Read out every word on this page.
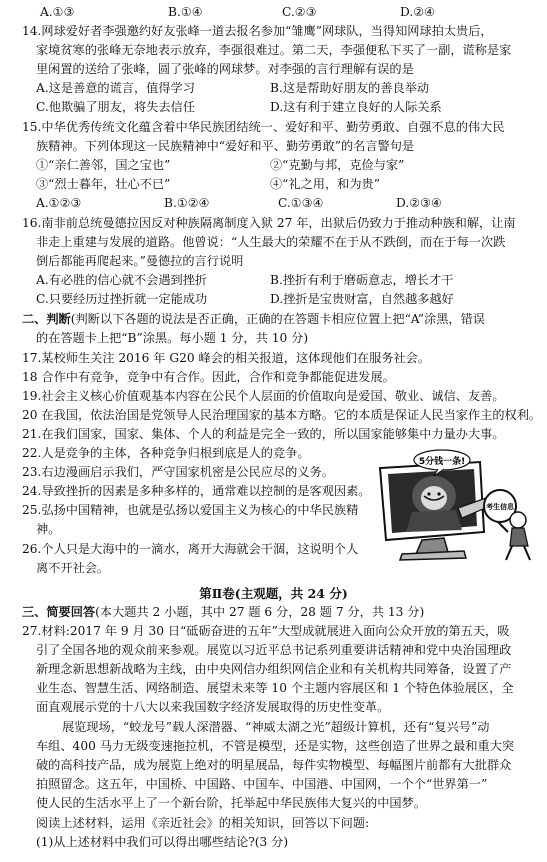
A.①③	B.①④	C.②③	D.②④
14.网球爱好者李强邀约好友张峰一道去报名参加“雏鹰”网球队，当得知网球拍太贵后，
家境贫寒的张峰无奈地表示放弃，李强很难过。第二天，李强便私下买了一副，谎称是家
里闲置的送给了张峰，圆了张峰的网球梦。对李强的言行理解有误的是
A.这是善意的谎言，值得学习	B.这是帮助好朋友的善良举动
C.他欺骗了朋友，将失去信任	D.这有利于建立良好的人际关系
15.中华优秀传统文化蕴含着中华民族团结统一、爱好和平、勤劳勇敢、自强不息的伟大民
族精神。下列体现这一民族精神中“爱好和平、勤劳勇敢”的名言警句是
①“亲仁善邻，国之宝也”	②“克勤与邦，克俭与家”
③“烈士暮年，壮心不已”	④“礼之用，和为贵”
A.①②③	B.①②④	C.①③④	D.②③④
16.南非前总统曼德拉因反对种族隔离制度入狱 27 年，出狱后仍致力于推动种族和解，让南
非走上重建与发展的道路。他曾说：“人生最大的荣耀不在于从不跌倒，而在于每一次跌
倒后都能再爬起来。”曼德拉的言行说明
A.有必胜的信心就不会遇到挫折	B.挫折有利于磨砺意志，增长才干
C.只要经历过挫折就一定能成功	D.挫折是宝贵财富，自然越多越好
二、判断(判断以下各题的说法是否正确，正确的在答题卡相应位置上把“A”涂黑，错误
的在答题卡上把“B”涂黑。每小题 1 分，共 10 分)
17.某校师生关注 2016 年 G20 峰会的相关报道，这体现他们在服务社会。
18 合作中有竞争，竞争中有合作。因此，合作和竞争都能促进发展。
19.社会主义核心价值观基本内容在公民个人层面的价值取向是爱国、敬业、诚信、友善。
20 在我国，依法治国是党领导人民治理国家的基本方略。它的本质是保证人民当家作主的权利。
21.在我们国家，国家、集体、个人的利益是完全一致的，所以国家能够集中力量办大事。
22.人是竞争的主体，各种竞争归根到底是人的竞争。
23.右边漫画启示我们，严守国家机密是公民应尽的义务。
24.导致挫折的因素是多种多样的，通常难以控制的是客观因素。
25.弘扬中国精神，也就是弘扬以爱国主义为核心的中华民族精
神。
26.个人只是大海中的一滴水，离开大海就会干涸，这说明个人
离不开社会。
5分钱一条!
考生信息
第Ⅱ卷(主观题，共 24 分)
三、简要回答(本大题共 2 小题，其中 27 题 6 分，28 题 7 分，共 13 分)
27.材料:2017 年 9 月 30 日“砥砺奋进的五年”大型成就展进入面向公众开放的第五天，吸
引了全国各地的观众前来参观。展览以习近平总书记系列重要讲话精神和党中央治国理政
新理念新思想新战略为主线，由中央网信办组织网信企业和有关机构共同筹备，设置了产
业生态、智慧生活、网络制造、展望未来等 10 个主题内容展区和 1 个特色体验展区，全
面直观展示党的十八大以来我国数字经济发展取得的历史性变革。
展览现场，“蛟龙号”载人深潜器、“神威太湖之光”超级计算机，还有“复兴号”动
车组、400 马力无级变速拖拉机，不管是模型，还是实物，这些创造了世界之最和重大突
破的高科技产品，成为展览上绝对的明星展品，每件实物模型、每幅图片前都有大批群众
拍照留念。这五年，中国桥、中国路、中国车、中国港、中国网，一个个“世界第一”
使人民的生活水平上了一个新台阶，托举起中华民族伟大复兴的中国梦。
阅读上述材料，运用《亲近社会》的相关知识，回答以下问题:
(1)从上述材料中我们可以得出哪些结论?(3 分)
